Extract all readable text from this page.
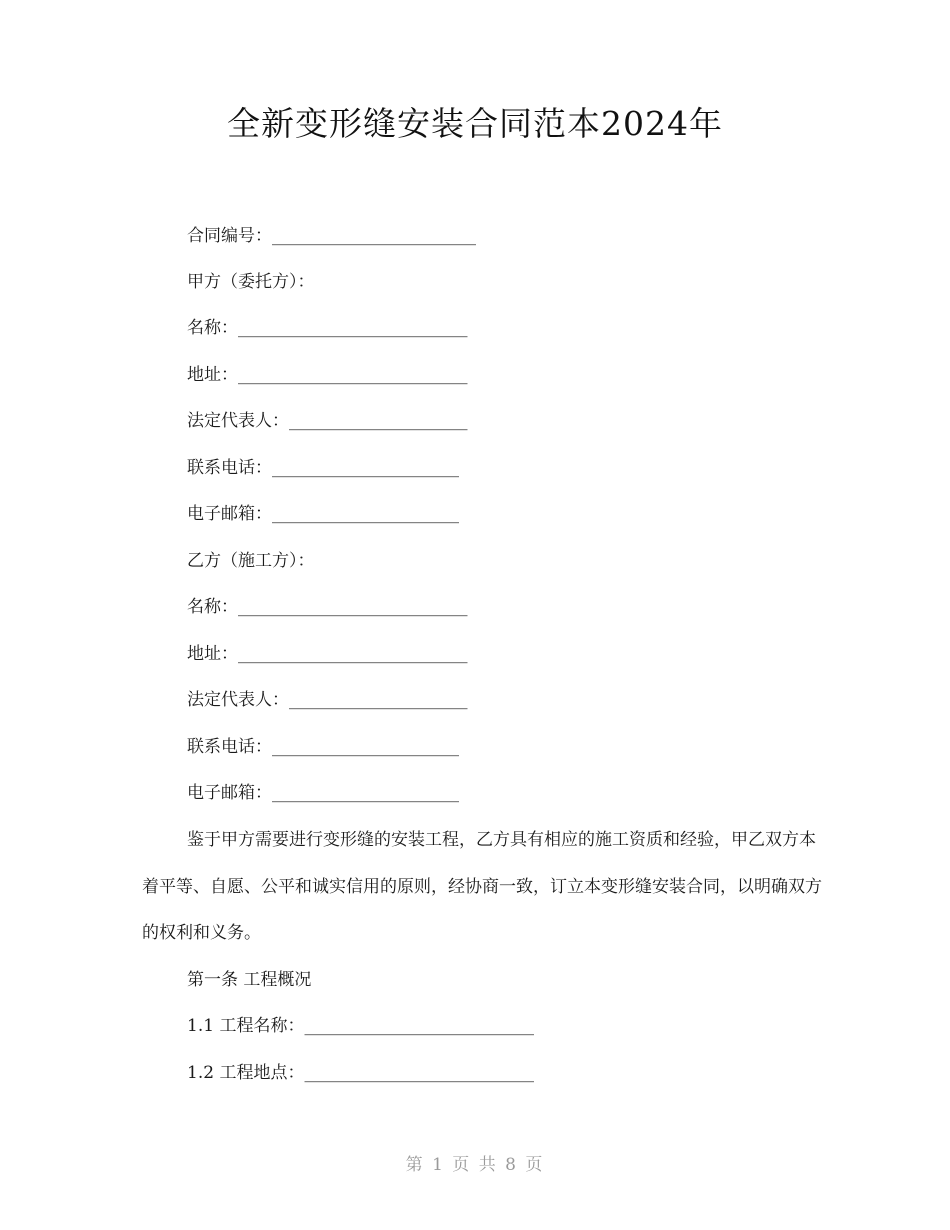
全新变形缝安装合同范本2024年
合同编号：________________________
甲方（委托方）：
名称：___________________________
地址：___________________________
法定代表人：_____________________
联系电话：______________________
电子邮箱：______________________
乙方（施工方）：
名称：___________________________
地址：___________________________
法定代表人：_____________________
联系电话：______________________
电子邮箱：______________________
鉴于甲方需要进行变形缝的安装工程，乙方具有相应的施工资质和经验，甲乙双方本着平等、自愿、公平和诚实信用的原则，经协商一致，订立本变形缝安装合同，以明确双方的权利和义务。
第一条 工程概况
1.1 工程名称：___________________________
1.2 工程地点：___________________________
第 1 页 共 8 页
